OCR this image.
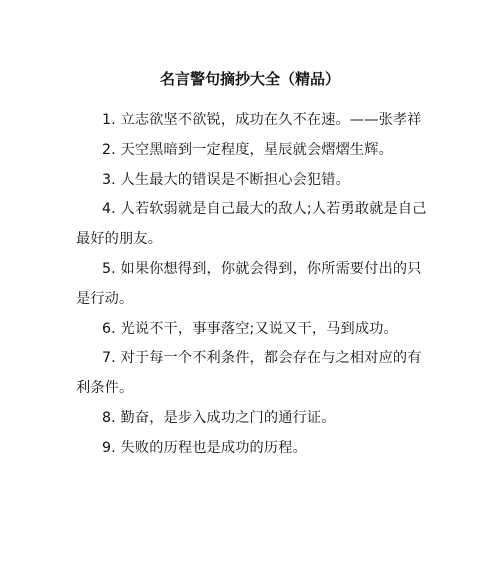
名言警句摘抄大全（精品）

1. 立志欲坚不欲锐，成功在久不在速。——张孝祥

2. 天空黑暗到一定程度，星辰就会熠熠生辉。

3. 人生最大的错误是不断担心会犯错。

4. 人若软弱就是自己最大的敌人;人若勇敢就是自己最好的朋友。

5. 如果你想得到，你就会得到，你所需要付出的只是行动。

6. 光说不干，事事落空;又说又干，马到成功。

7. 对于每一个不利条件，都会存在与之相对应的有利条件。

8. 勤奋，是步入成功之门的通行证。

9. 失败的历程也是成功的历程。
